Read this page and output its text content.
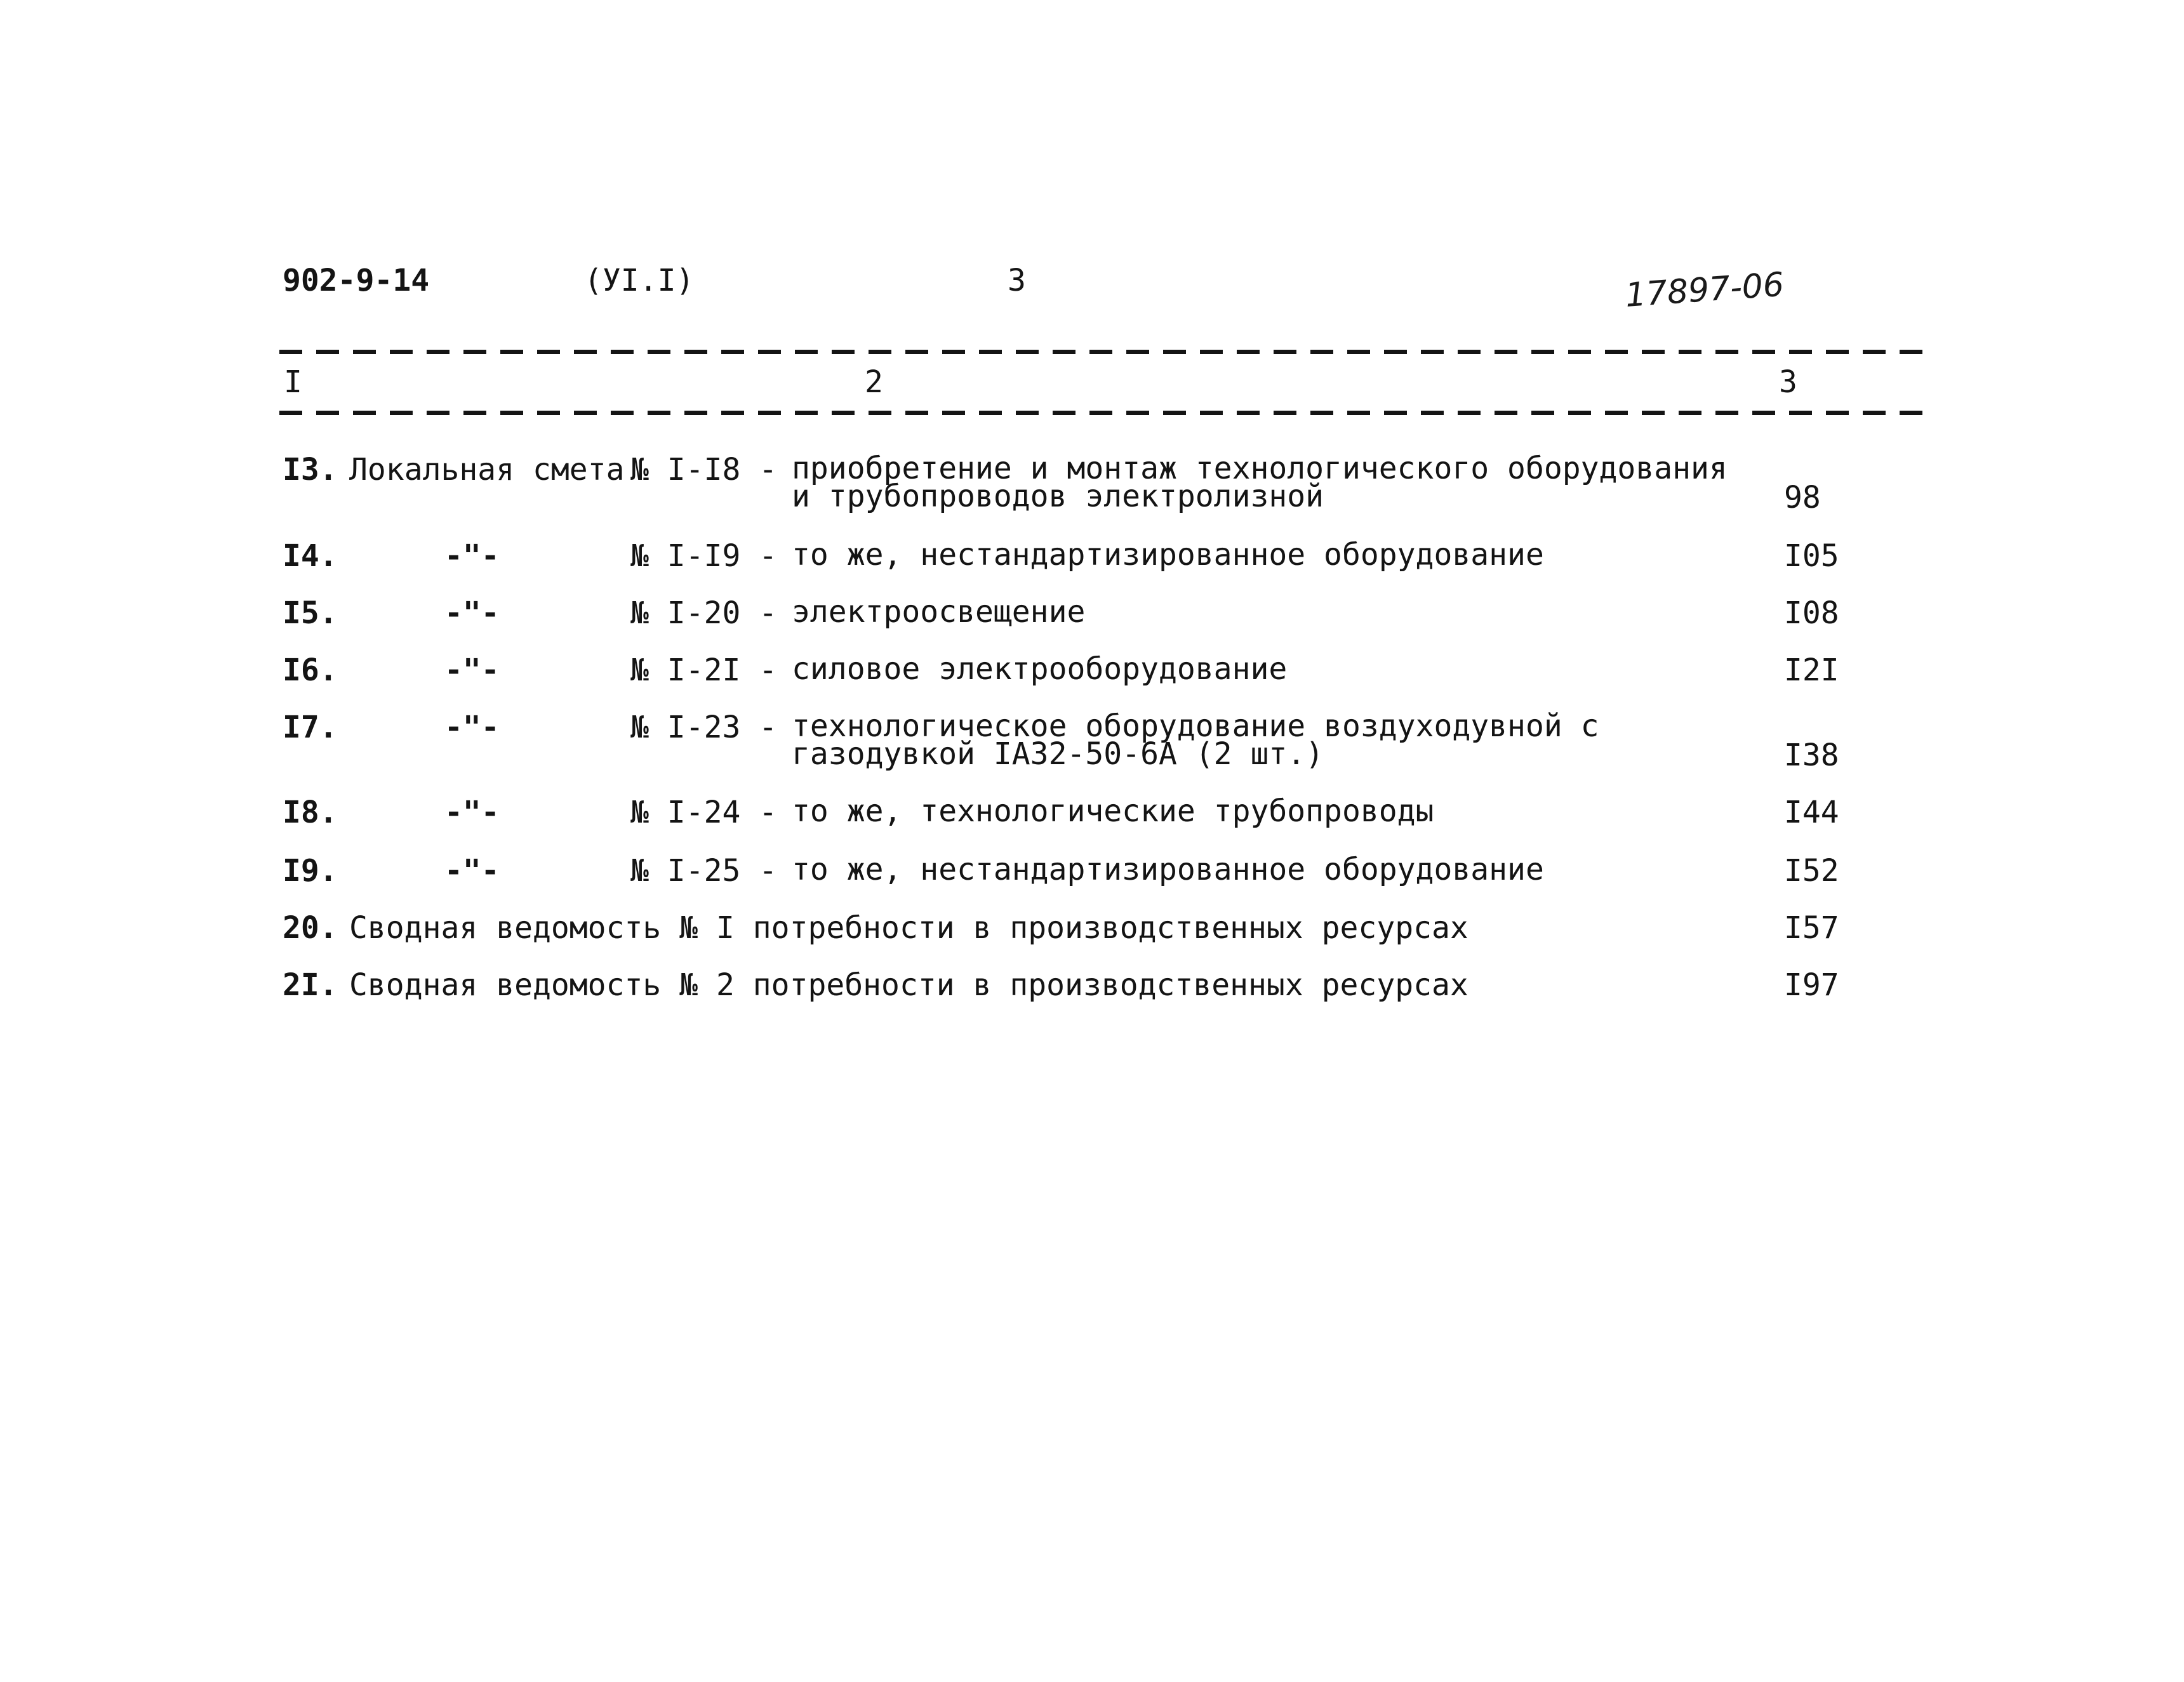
902-9-14	(УI.I)	3	17897-06
I	2	3
I3. Локальная смета № I-I8 - приобретение и монтаж технологического оборудования
и трубопроводов электролизной	98
I4.	-"-	№ I-I9 - то же, нестандартизированное оборудование	I05
I5.	-"-	№ I-20 - электроосвещение	I08
I6.	-"-	№ I-2I - силовое электрооборудование	I2I
I7.	-"-	№ I-23 - технологическое оборудование воздуходувной с
газодувкой IA32-50-6A (2 шт.)	I38
I8.	-"-	№ I-24 - то же, технологические трубопроводы	I44
I9.	-"-	№ I-25 - то же, нестандартизированное оборудование	I52
20. Сводная ведомость № I потребности в производственных ресурсах	I57
2I. Сводная ведомость № 2 потребности в производственных ресурсах	I97
